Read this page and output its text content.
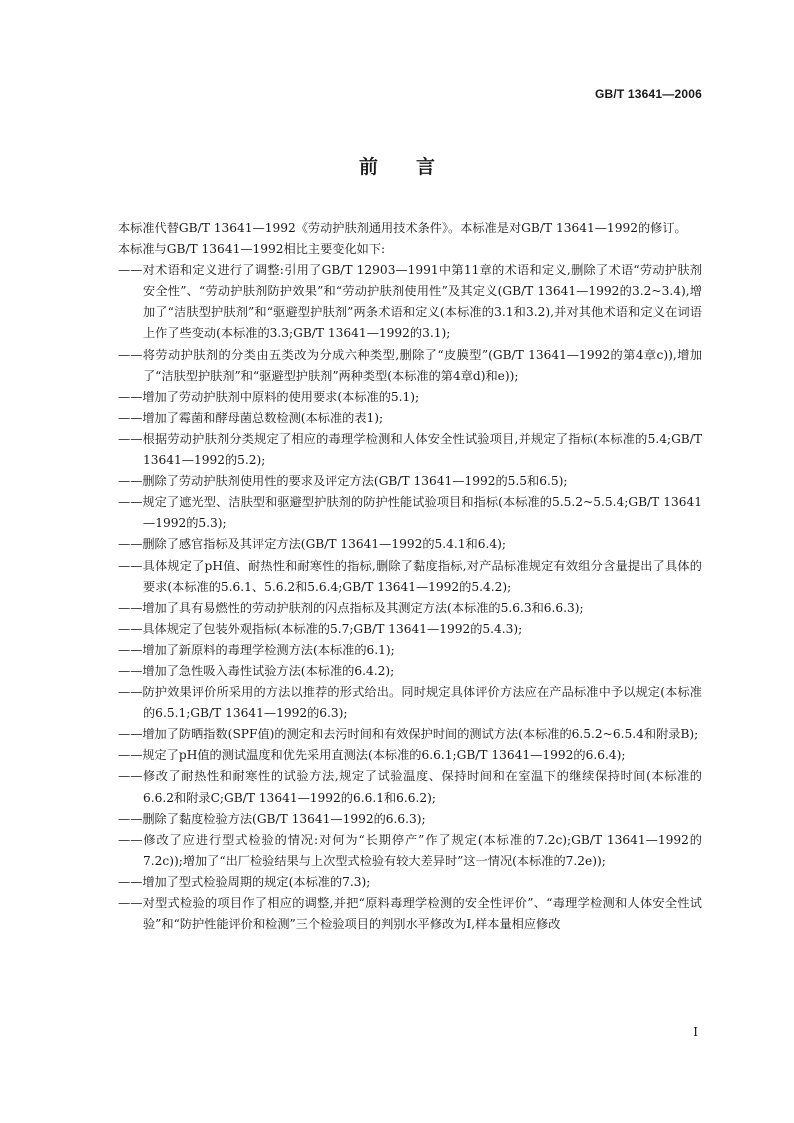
GB/T 13641—2006
前言

本标准代替GB/T 13641—1992《劳动护肤剂通用技术条件》。本标准是对GB/T 13641—1992的修订。

本标准与GB/T 13641—1992相比主要变化如下:

——对术语和定义进行了调整:引用了GB/T 12903—1991中第11章的术语和定义,删除了术语“劳动护肤剂安全性”、“劳动护肤剂防护效果”和“劳动护肤剂使用性”及其定义(GB/T 13641—1992的3.2~3.4),增加了“洁肤型护肤剂”和“驱避型护肤剂”两条术语和定义(本标准的3.1和3.2),并对其他术语和定义在词语上作了些变动(本标准的3.3;GB/T 13641—1992的3.1);

——将劳动护肤剂的分类由五类改为分成六种类型,删除了“皮膜型”(GB/T 13641—1992的第4章c)),增加了“洁肤型护肤剂”和“驱避型护肤剂”两种类型(本标准的第4章d)和e));

——增加了劳动护肤剂中原料的使用要求(本标准的5.1);

——增加了霉菌和酵母菌总数检测(本标准的表1);

——根据劳动护肤剂分类规定了相应的毒理学检测和人体安全性试验项目,并规定了指标(本标准的5.4;GB/T 13641—1992的5.2);

——删除了劳动护肤剂使用性的要求及评定方法(GB/T 13641—1992的5.5和6.5);

——规定了遮光型、洁肤型和驱避型护肤剂的防护性能试验项目和指标(本标准的5.5.2~5.5.4;GB/T 13641—1992的5.3);

——删除了感官指标及其评定方法(GB/T 13641—1992的5.4.1和6.4);

——具体规定了pH值、耐热性和耐寒性的指标,删除了黏度指标,对产品标准规定有效组分含量提出了具体的要求(本标准的5.6.1、5.6.2和5.6.4;GB/T 13641—1992的5.4.2);

——增加了具有易燃性的劳动护肤剂的闪点指标及其测定方法(本标准的5.6.3和6.6.3);

——具体规定了包装外观指标(本标准的5.7;GB/T 13641—1992的5.4.3);

——增加了新原料的毒理学检测方法(本标准的6.1);

——增加了急性吸入毒性试验方法(本标准的6.4.2);

——防护效果评价所采用的方法以推荐的形式给出。同时规定具体评价方法应在产品标准中予以规定(本标准的6.5.1;GB/T 13641—1992的6.3);

——增加了防晒指数(SPF值)的测定和去污时间和有效保护时间的测试方法(本标准的6.5.2~6.5.4和附录B);

——规定了pH值的测试温度和优先采用直测法(本标准的6.6.1;GB/T 13641—1992的6.6.4);

——修改了耐热性和耐寒性的试验方法,规定了试验温度、保持时间和在室温下的继续保持时间(本标准的6.6.2和附录C;GB/T 13641—1992的6.6.1和6.6.2);

——删除了黏度检验方法(GB/T 13641—1992的6.6.3);

——修改了应进行型式检验的情况:对何为“长期停产”作了规定(本标准的7.2c);GB/T 13641—1992的7.2c));增加了“出厂检验结果与上次型式检验有较大差异时”这一情况(本标准的7.2e));

——增加了型式检验周期的规定(本标准的7.3);

——对型式检验的项目作了相应的调整,并把“原料毒理学检测的安全性评价”、“毒理学检测和人体安全性试验”和“防护性能评价和检测”三个检验项目的判别水平修改为Ⅰ,样本量相应修改

I
